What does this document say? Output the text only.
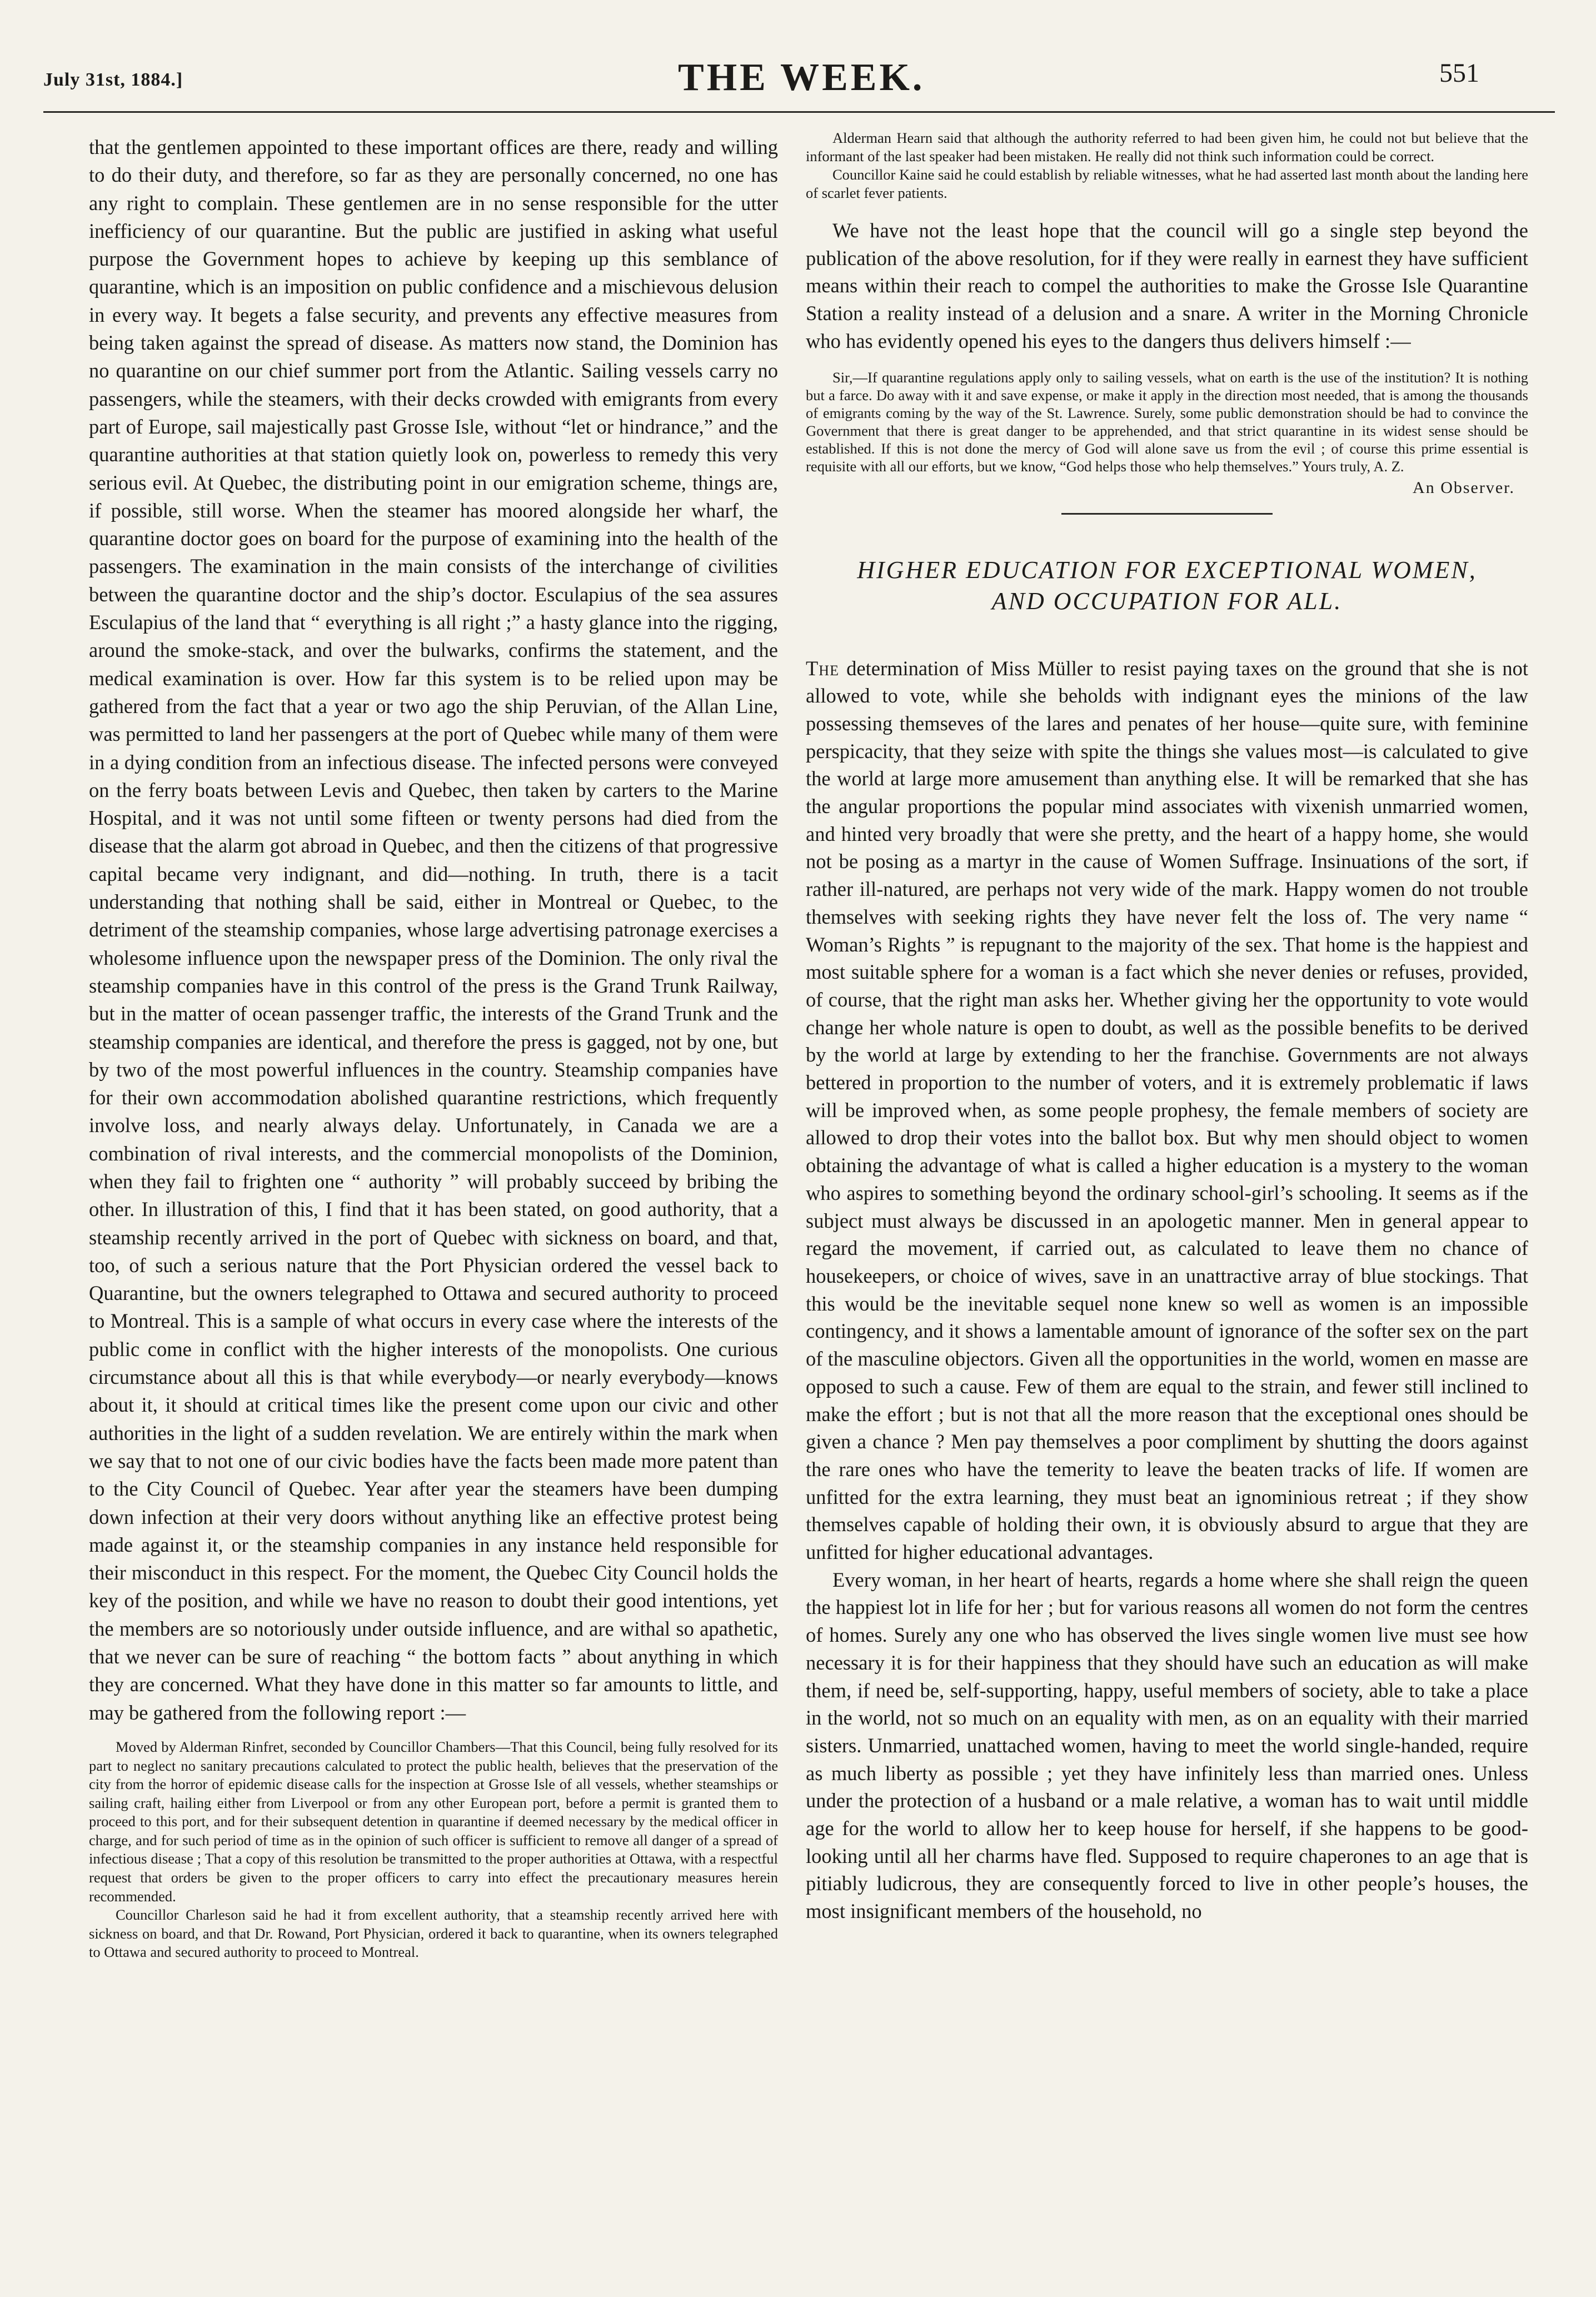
July 31st, 1884.]	THE WEEK.	551

that the gentlemen appointed to these important offices are there, ready and willing to do their duty, and therefore, so far as they are personally concerned, no one has any right to complain. These gentlemen are in no sense responsible for the utter inefficiency of our quarantine. But the public are justified in asking what useful purpose the Government hopes to achieve by keeping up this semblance of quarantine, which is an imposition on public confidence and a mischievous delusion in every way. It begets a false security, and prevents any effective measures from being taken against the spread of disease. As matters now stand, the Dominion has no quarantine on our chief summer port from the Atlantic. Sailing vessels carry no passengers, while the steamers, with their decks crowded with emigrants from every part of Europe, sail majestically past Grosse Isle, without “let or hindrance,” and the quarantine authorities at that station quietly look on, powerless to remedy this very serious evil. At Quebec, the distributing point in our emigration scheme, things are, if possible, still worse. When the steamer has moored alongside her wharf, the quarantine doctor goes on board for the purpose of examining into the health of the passengers. The examination in the main consists of the interchange of civilities between the quarantine doctor and the ship’s doctor. Esculapius of the sea assures Esculapius of the land that “ everything is all right ;” a hasty glance into the rigging, around the smoke-stack, and over the bulwarks, confirms the statement, and the medical examination is over. How far this system is to be relied upon may be gathered from the fact that a year or two ago the ship Peruvian, of the Allan Line, was permitted to land her passengers at the port of Quebec while many of them were in a dying condition from an infectious disease. The infected persons were conveyed on the ferry boats between Levis and Quebec, then taken by carters to the Marine Hospital, and it was not until some fifteen or twenty persons had died from the disease that the alarm got abroad in Quebec, and then the citizens of that progressive capital became very indignant, and did—nothing. In truth, there is a tacit understanding that nothing shall be said, either in Montreal or Quebec, to the detriment of the steamship companies, whose large advertising patronage exercises a wholesome influence upon the newspaper press of the Dominion. The only rival the steamship companies have in this control of the press is the Grand Trunk Railway, but in the matter of ocean passenger traffic, the interests of the Grand Trunk and the steamship companies are identical, and therefore the press is gagged, not by one, but by two of the most powerful influences in the country. Steamship companies have for their own accommodation abolished quarantine restrictions, which frequently involve loss, and nearly always delay. Unfortunately, in Canada we are a combination of rival interests, and the commercial monopolists of the Dominion, when they fail to frighten one “ authority ” will probably succeed by bribing the other. In illustration of this, I find that it has been stated, on good authority, that a steamship recently arrived in the port of Quebec with sickness on board, and that, too, of such a serious nature that the Port Physician ordered the vessel back to Quarantine, but the owners telegraphed to Ottawa and secured authority to proceed to Montreal. This is a sample of what occurs in every case where the interests of the public come in conflict with the higher interests of the monopolists. One curious circumstance about all this is that while everybody—or nearly everybody—knows about it, it should at critical times like the present come upon our civic and other authorities in the light of a sudden revelation. We are entirely within the mark when we say that to not one of our civic bodies have the facts been made more patent than to the City Council of Quebec. Year after year the steamers have been dumping down infection at their very doors without anything like an effective protest being made against it, or the steamship companies in any instance held responsible for their misconduct in this respect. For the moment, the Quebec City Council holds the key of the position, and while we have no reason to doubt their good intentions, yet the members are so notoriously under outside influence, and are withal so apathetic, that we never can be sure of reaching “ the bottom facts ” about anything in which they are concerned. What they have done in this matter so far amounts to little, and may be gathered from the following report :—

Moved by Alderman Rinfret, seconded by Councillor Chambers—That this Council, being fully resolved for its part to neglect no sanitary precautions calculated to protect the public health, believes that the preservation of the city from the horror of epidemic disease calls for the inspection at Grosse Isle of all vessels, whether steamships or sailing craft, hailing either from Liverpool or from any other European port, before a permit is granted them to proceed to this port, and for their subsequent detention in quarantine if deemed necessary by the medical officer in charge, and for such period of time as in the opinion of such officer is sufficient to remove all danger of a spread of infectious disease ; That a copy of this resolution be transmitted to the proper authorities at Ottawa, with a respectful request that orders be given to the proper officers to carry into effect the precautionary measures herein recommended.

Councillor Charleson said he had it from excellent authority, that a steamship recently arrived here with sickness on board, and that Dr. Rowand, Port Physician, ordered it back to quarantine, when its owners telegraphed to Ottawa and secured authority to proceed to Montreal.

Alderman Hearn said that although the authority referred to had been given him, he could not but believe that the informant of the last speaker had been mistaken. He really did not think such information could be correct.

Councillor Kaine said he could establish by reliable witnesses, what he had asserted last month about the landing here of scarlet fever patients.

We have not the least hope that the council will go a single step beyond the publication of the above resolution, for if they were really in earnest they have sufficient means within their reach to compel the authorities to make the Grosse Isle Quarantine Station a reality instead of a delusion and a snare. A writer in the Morning Chronicle who has evidently opened his eyes to the dangers thus delivers himself :—

Sir,—If quarantine regulations apply only to sailing vessels, what on earth is the use of the institution? It is nothing but a farce. Do away with it and save expense, or make it apply in the direction most needed, that is among the thousands of emigrants coming by the way of the St. Lawrence. Surely, some public demonstration should be had to convince the Government that there is great danger to be apprehended, and that strict quarantine in its widest sense should be established. If this is not done the mercy of God will alone save us from the evil ; of course this prime essential is requisite with all our efforts, but we know, “God helps those who help themselves.” Yours truly, A. Z.

An Observer.
HIGHER EDUCATION FOR EXCEPTIONAL WOMEN,
AND OCCUPATION FOR ALL.

The determination of Miss Müller to resist paying taxes on the ground that she is not allowed to vote, while she beholds with indignant eyes the minions of the law possessing themseves of the lares and penates of her house—quite sure, with feminine perspicacity, that they seize with spite the things she values most—is calculated to give the world at large more amusement than anything else. It will be remarked that she has the angular proportions the popular mind associates with vixenish unmarried women, and hinted very broadly that were she pretty, and the heart of a happy home, she would not be posing as a martyr in the cause of Women Suffrage. Insinuations of the sort, if rather ill-natured, are perhaps not very wide of the mark. Happy women do not trouble themselves with seeking rights they have never felt the loss of. The very name “ Woman’s Rights ” is repugnant to the majority of the sex. That home is the happiest and most suitable sphere for a woman is a fact which she never denies or refuses, provided, of course, that the right man asks her. Whether giving her the opportunity to vote would change her whole nature is open to doubt, as well as the possible benefits to be derived by the world at large by extending to her the franchise. Governments are not always bettered in proportion to the number of voters, and it is extremely problematic if laws will be improved when, as some people prophesy, the female members of society are allowed to drop their votes into the ballot box. But why men should object to women obtaining the advantage of what is called a higher education is a mystery to the woman who aspires to something beyond the ordinary school-girl’s schooling. It seems as if the subject must always be discussed in an apologetic manner. Men in general appear to regard the movement, if carried out, as calculated to leave them no chance of housekeepers, or choice of wives, save in an unattractive array of blue stockings. That this would be the inevitable sequel none knew so well as women is an impossible contingency, and it shows a lamentable amount of ignorance of the softer sex on the part of the masculine objectors. Given all the opportunities in the world, women en masse are opposed to such a cause. Few of them are equal to the strain, and fewer still inclined to make the effort ; but is not that all the more reason that the exceptional ones should be given a chance ? Men pay themselves a poor compliment by shutting the doors against the rare ones who have the temerity to leave the beaten tracks of life. If women are unfitted for the extra learning, they must beat an ignominious retreat ; if they show themselves capable of holding their own, it is obviously absurd to argue that they are unfitted for higher educational advantages.

Every woman, in her heart of hearts, regards a home where she shall reign the queen the happiest lot in life for her ; but for various reasons all women do not form the centres of homes. Surely any one who has observed the lives single women live must see how necessary it is for their happiness that they should have such an education as will make them, if need be, self-supporting, happy, useful members of society, able to take a place in the world, not so much on an equality with men, as on an equality with their married sisters. Unmarried, unattached women, having to meet the world single-handed, require as much liberty as possible ; yet they have infinitely less than married ones. Unless under the protection of a husband or a male relative, a woman has to wait until middle age for the world to allow her to keep house for herself, if she happens to be good-looking until all her charms have fled. Supposed to require chaperones to an age that is pitiably ludicrous, they are consequently forced to live in other people’s houses, the most insignificant members of the household, no
